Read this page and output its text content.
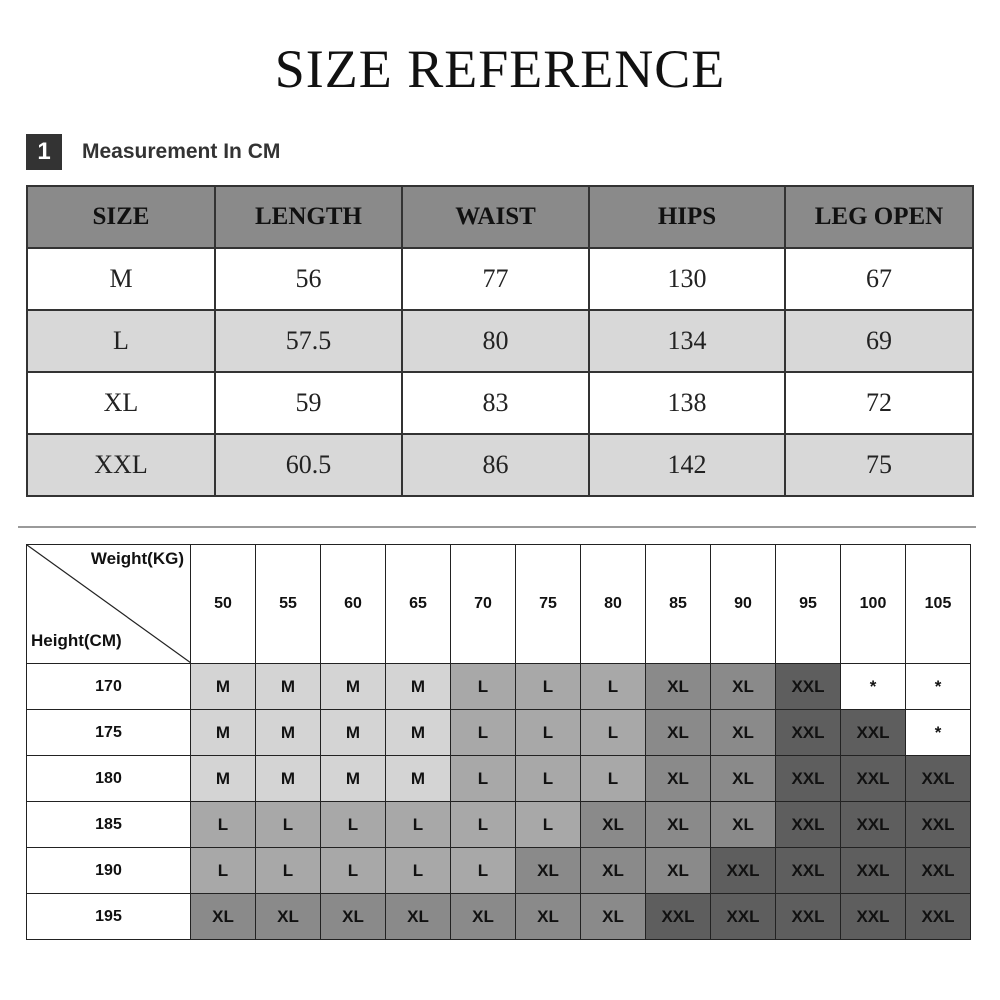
SIZE REFERENCE
1	Measurement In CM
SIZE	LENGTH	WAIST	HIPS	LEG OPEN
M	56	77	130	67
L	57.5	80	134	69
XL	59	83	138	72
XXL	60.5	86	142	75
Weight(KG)
Height(CM)	50	55	60	65	70	75	80	85	90	95	100	105
170	M	M	M	M	L	L	L	XL	XL	XXL	*	*
175	M	M	M	M	L	L	L	XL	XL	XXL	XXL	*
180	M	M	M	M	L	L	L	XL	XL	XXL	XXL	XXL
185	L	L	L	L	L	L	XL	XL	XL	XXL	XXL	XXL
190	L	L	L	L	L	XL	XL	XL	XXL	XXL	XXL	XXL
195	XL	XL	XL	XL	XL	XL	XL	XXL	XXL	XXL	XXL	XXL
